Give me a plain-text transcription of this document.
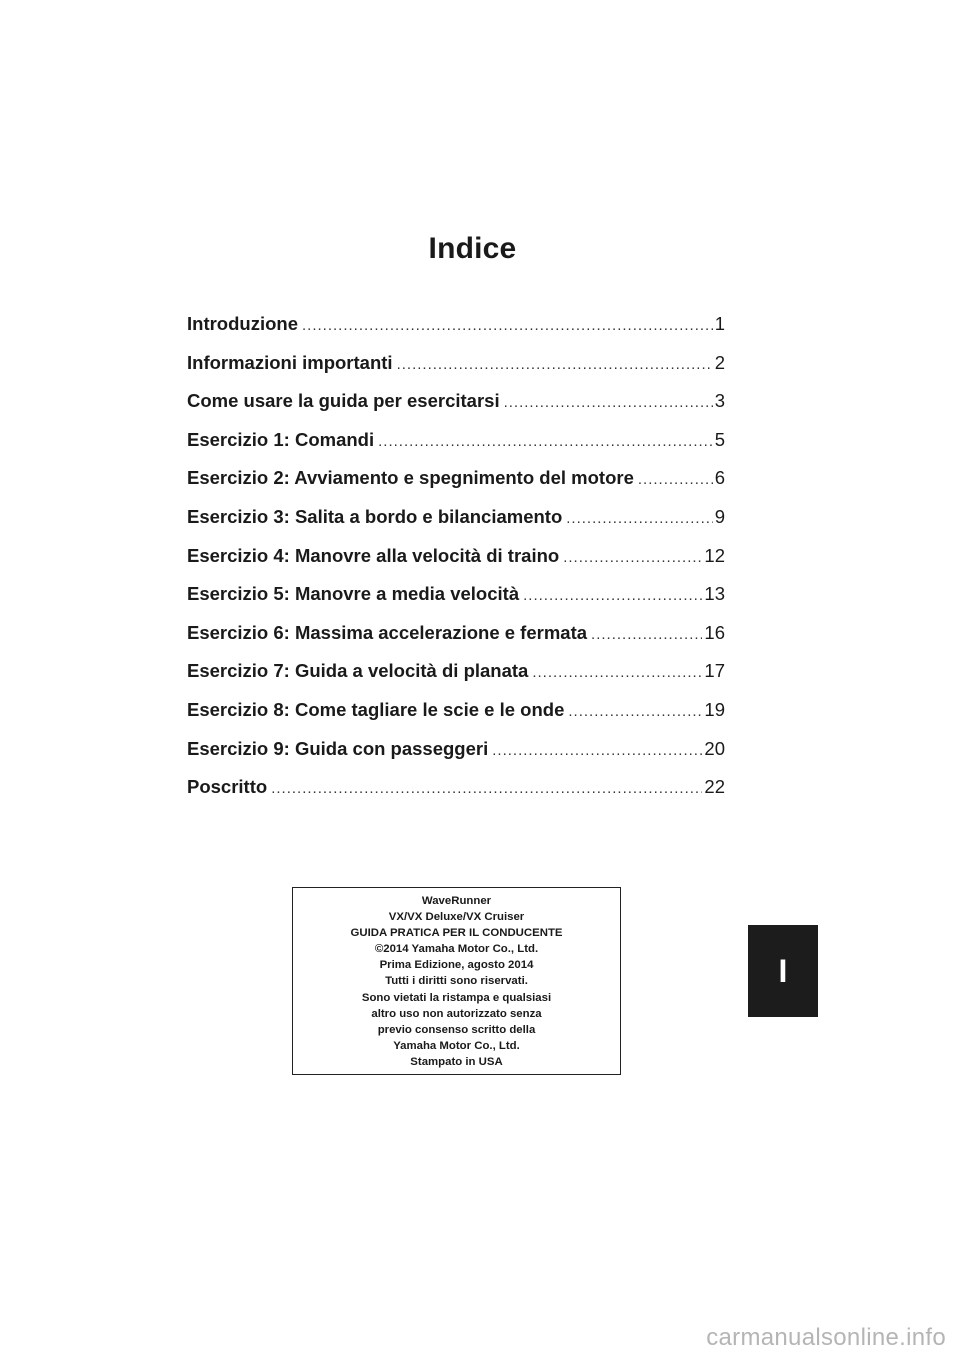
Indice
Introduzione .....	1
Informazioni importanti .....	2
Come usare la guida per esercitarsi .....	3
Esercizio 1: Comandi .....	5
Esercizio 2: Avviamento e spegnimento del motore .....	6
Esercizio 3: Salita a bordo e bilanciamento .....	9
Esercizio 4: Manovre alla velocità di traino .....	12
Esercizio 5: Manovre a media velocità .....	13
Esercizio 6: Massima accelerazione e fermata .....	16
Esercizio 7: Guida a velocità di planata .....	17
Esercizio 8: Come tagliare le scie e le onde .....	19
Esercizio 9: Guida con passeggeri .....	20
Poscritto .....	22
WaveRunner
VX/VX Deluxe/VX Cruiser
GUIDA PRATICA PER IL CONDUCENTE
©2014 Yamaha Motor Co., Ltd.
Prima Edizione, agosto 2014
Tutti i diritti sono riservati.
Sono vietati la ristampa e qualsiasi
altro uso non autorizzato senza
previo consenso scritto della
Yamaha Motor Co., Ltd.
Stampato in USA
I
carmanualsonline.info
